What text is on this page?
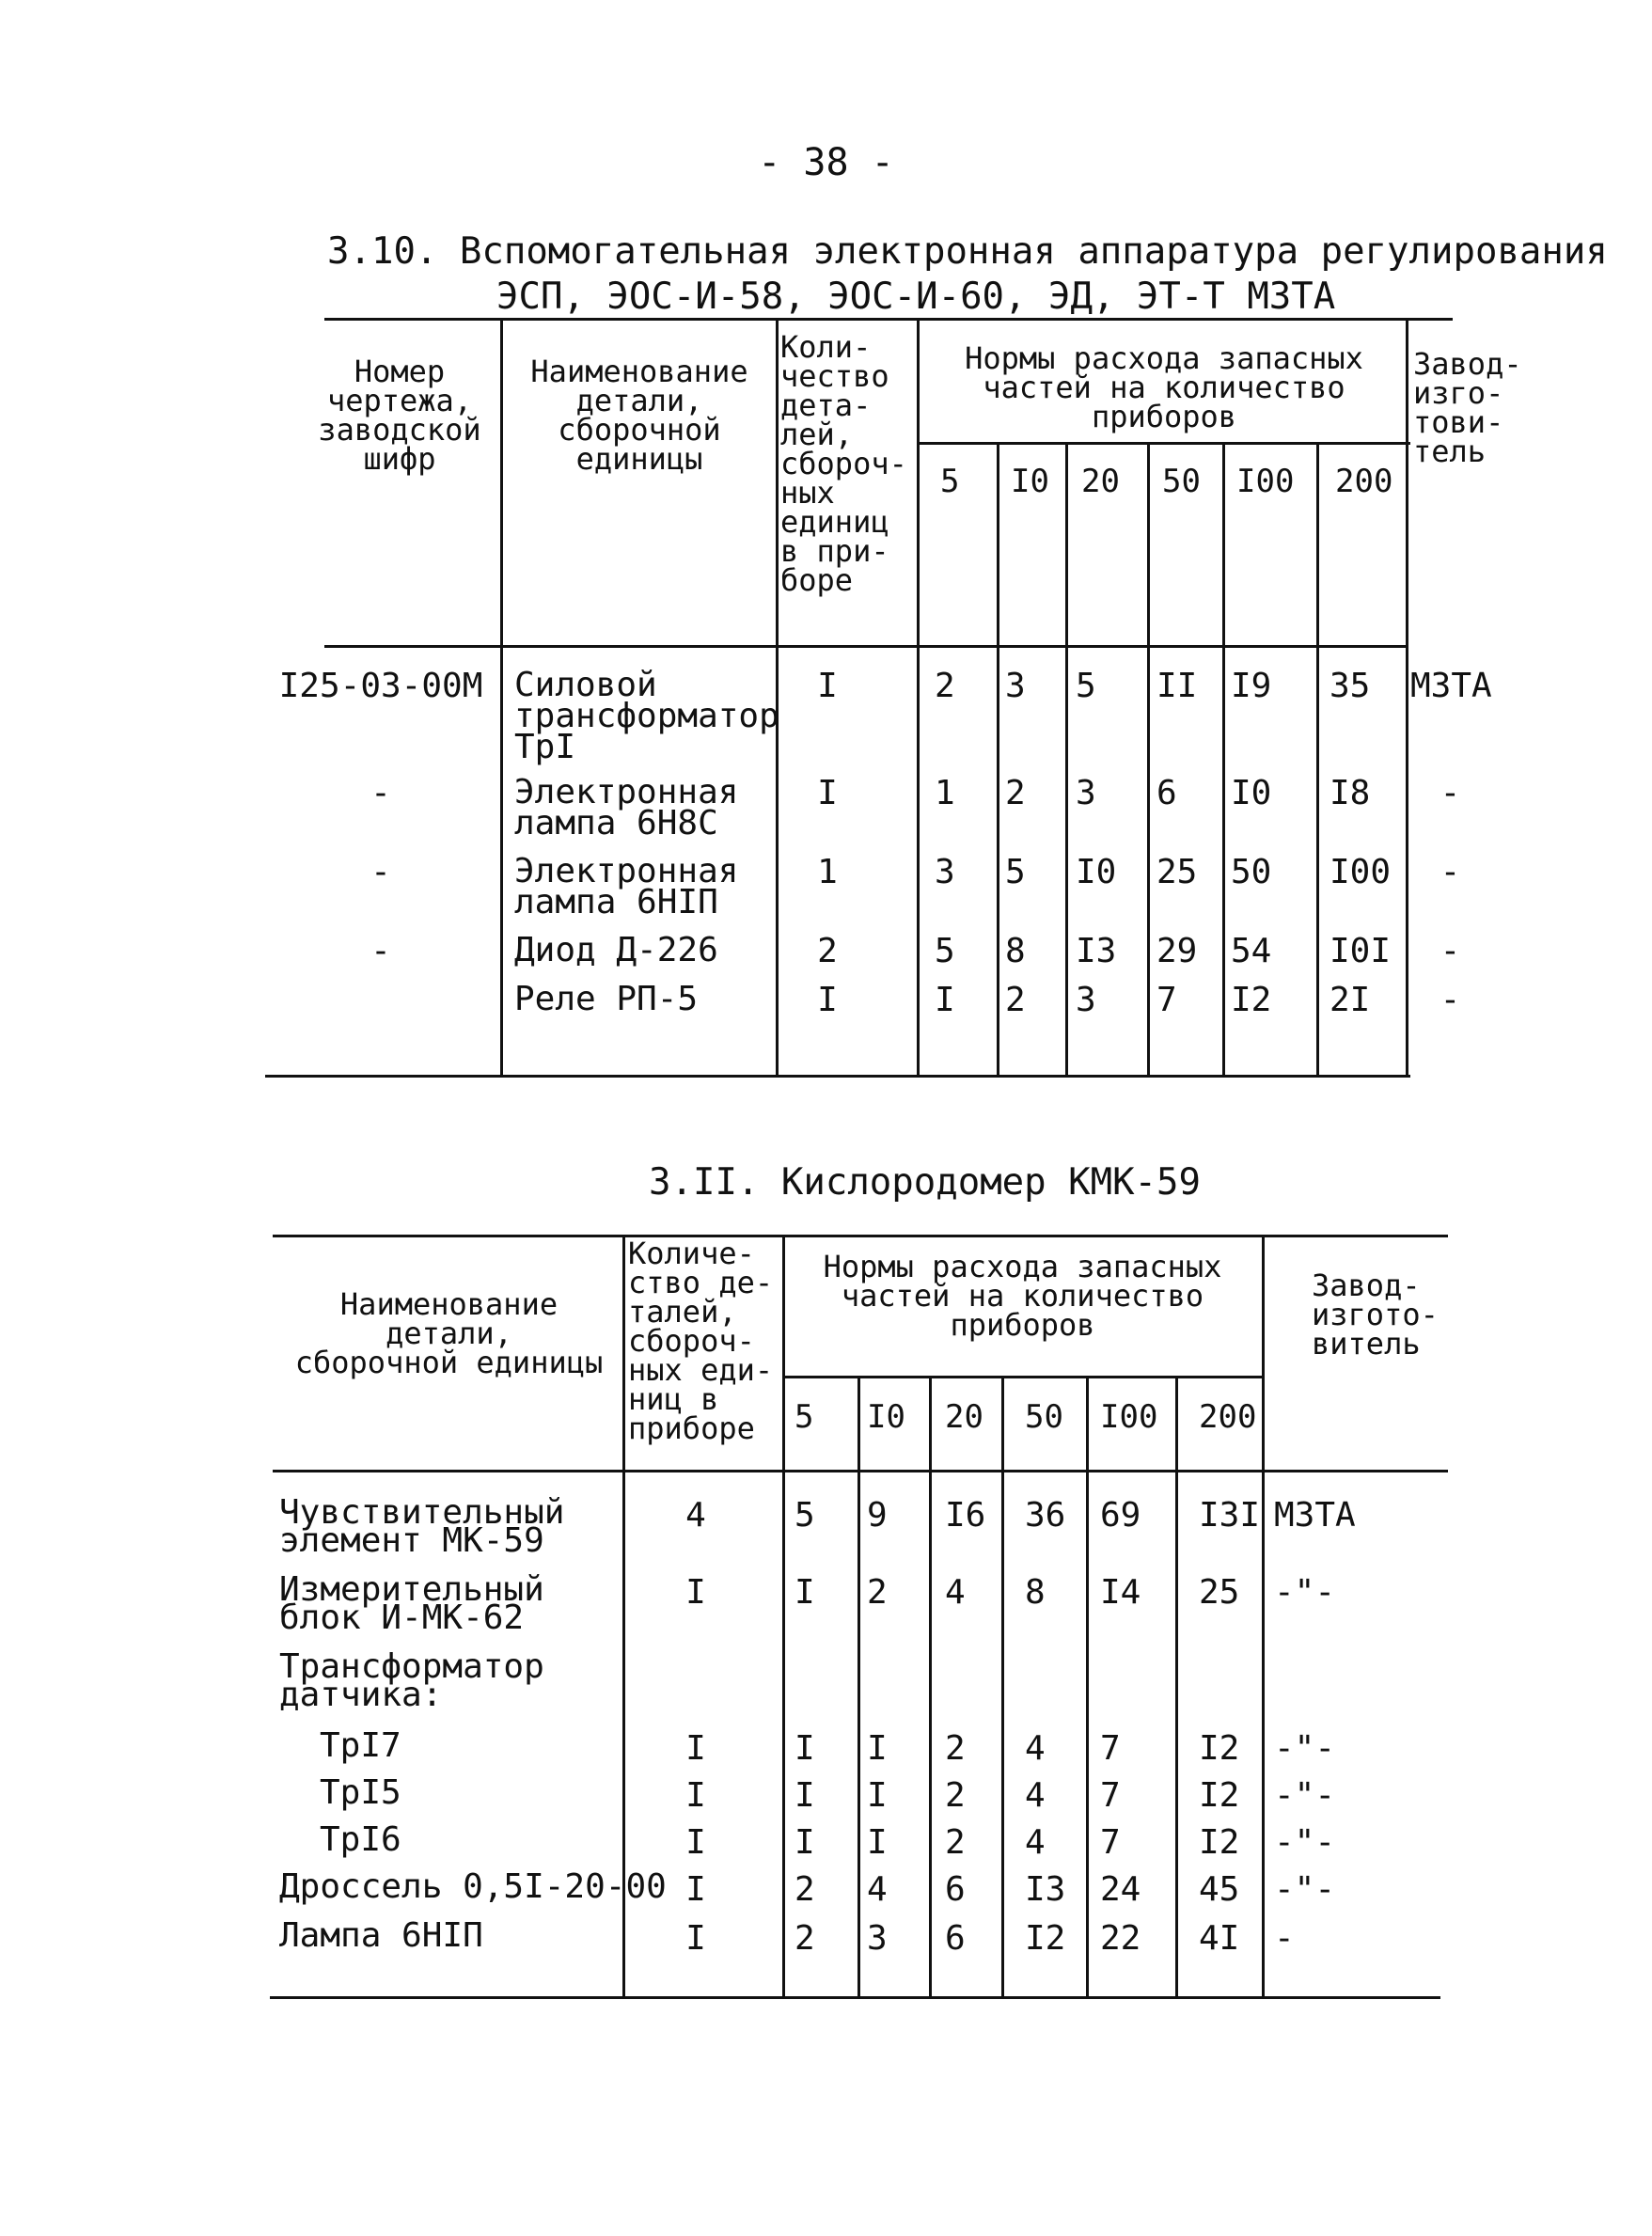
- 38 -
3.10. Вспомогательная электронная аппаратура регулирования
ЭСП, ЭОС-И-58, ЭОС-И-60, ЭД, ЭТ-Т МЗТА
Номер
чертежа,
заводской
шифр
Наименование
детали,
сборочной
единицы
Коли-
чество
дета-
лей,
сбороч-
ных
единиц
в при-
боре
Нормы расхода запасных
частей на количество
приборов
Завод-
изго-
тови-
тель
5 I0 20 50 I00 200
I25-03-00M Силовой
трансформатор
ТрI
I	2 3 5 II I9 35 МЗТА
-	Электронная
лампа 6Н8С
I	1 2 3 6 I0 I8	-
-	Электронная
лампа 6НIП
1	3 5 I0 25 50 I00	-
-	Диод Д-226	2	5 8 I3 29 54 I0I	-
Реле РП-5	I	I 2 3 7 I2 2I	-
3.II. Кислородомер КМК-59
Наименование
детали,
сборочной единицы
Количе-
ство де-
талей,
сбороч-
ных еди-
ниц в
приборе
Нормы расхода запасных
частей на количество
приборов
Завод-
изгото-
витель
5 I0 20 50 I00 200
Чувствительный
элемент МК-59
4	5 9 I6 36 69 I3I МЗТА
Измерительный
блок И-МК-62
I	I 2 4 8 I4 25 -"-
Трансформатор
датчика:
ТрI7	I	I I 2 4 7 I2 -"-
ТрI5	I	I I 2 4 7 I2 -"-
ТрI6	I	I I 2 4 7 I2 -"-
Дроссель 0,5I-20-00 I	2 4 6 I3 24 45 -"-
Лампа 6НIП	I	2 3 6 I2 22 4I -
